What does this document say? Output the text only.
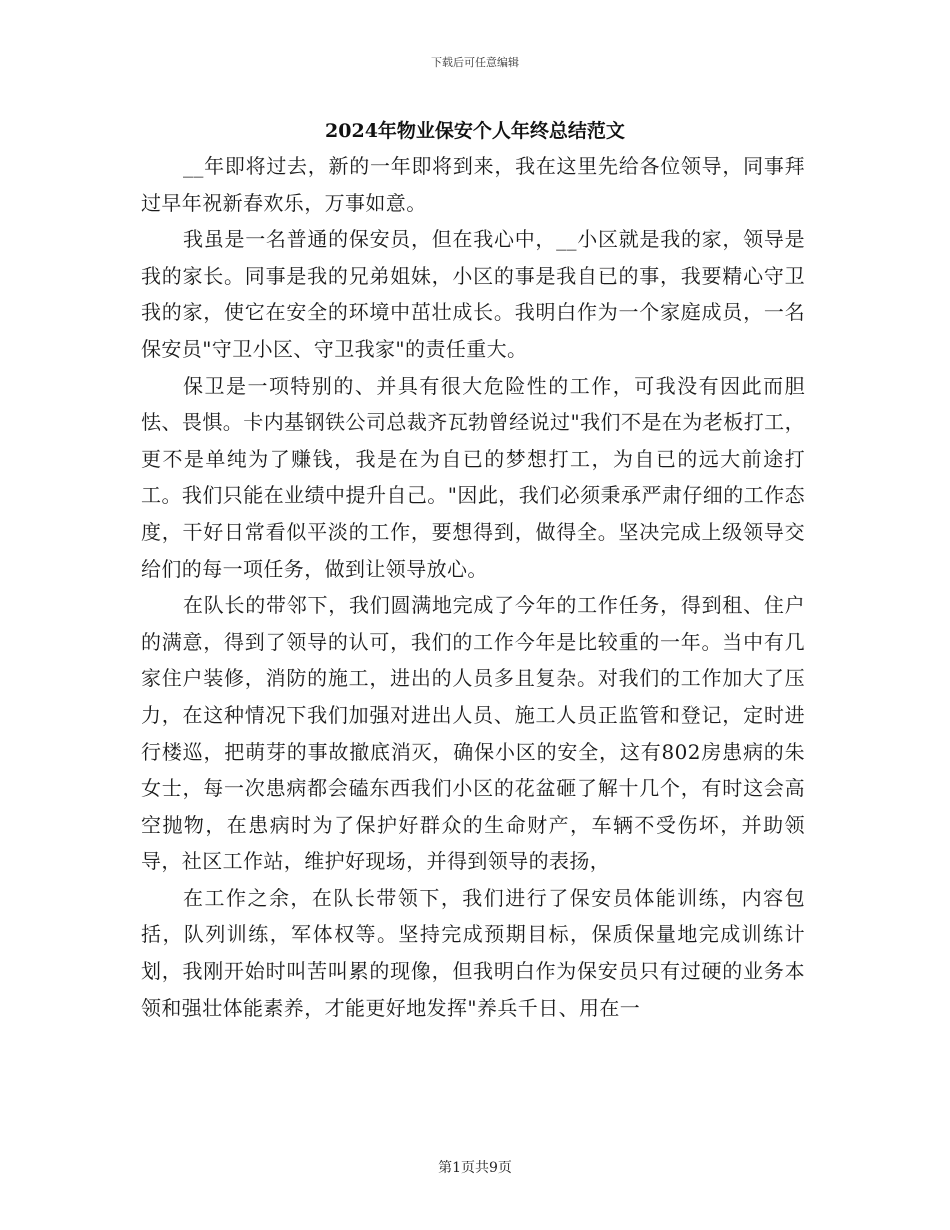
下载后可任意编辑
2024年物业保安个人年终总结范文

__年即将过去，新的一年即将到来，我在这里先给各位领导，同事拜过早年祝新春欢乐，万事如意。

我虽是一名普通的保安员，但在我心中，__小区就是我的家，领导是我的家长。同事是我的兄弟姐妹，小区的事是我自已的事，我要精心守卫我的家，使它在安全的环境中茁壮成长。我明白作为一个家庭成员，一名保安员"守卫小区、守卫我家"的责任重大。

保卫是一项特别的、并具有很大危险性的工作，可我没有因此而胆怯、畏惧。卡内基钢铁公司总裁齐瓦勃曾经说过"我们不是在为老板打工，更不是单纯为了赚钱，我是在为自已的梦想打工，为自已的远大前途打工。我们只能在业绩中提升自己。"因此，我们必须秉承严肃仔细的工作态度，干好日常看似平淡的工作，要想得到，做得全。坚决完成上级领导交给们的每一项任务，做到让领导放心。

在队长的带邻下，我们圆满地完成了今年的工作任务，得到租、住户的满意，得到了领导的认可，我们的工作今年是比较重的一年。当中有几家住户装修，消防的施工，进出的人员多且复杂。对我们的工作加大了压力，在这种情况下我们加强对进出人员、施工人员正监管和登记，定时进行楼巡，把萌芽的事故撤底消灭，确保小区的安全，这有802房患病的朱女士，每一次患病都会磕东西我们小区的花盆砸了解十几个，有时这会高空抛物，在患病时为了保护好群众的生命财产，车辆不受伤坏，并助领导，社区工作站，维护好现场，并得到领导的表扬，

在工作之余，在队长带领下，我们进行了保安员体能训练，内容包括，队列训练，军体权等。坚持完成预期目标，保质保量地完成训练计划，我刚开始时叫苦叫累的现像，但我明白作为保安员只有过硬的业务本领和强壮体能素养，才能更好地发挥"养兵千日、用在一

第1页共9页
